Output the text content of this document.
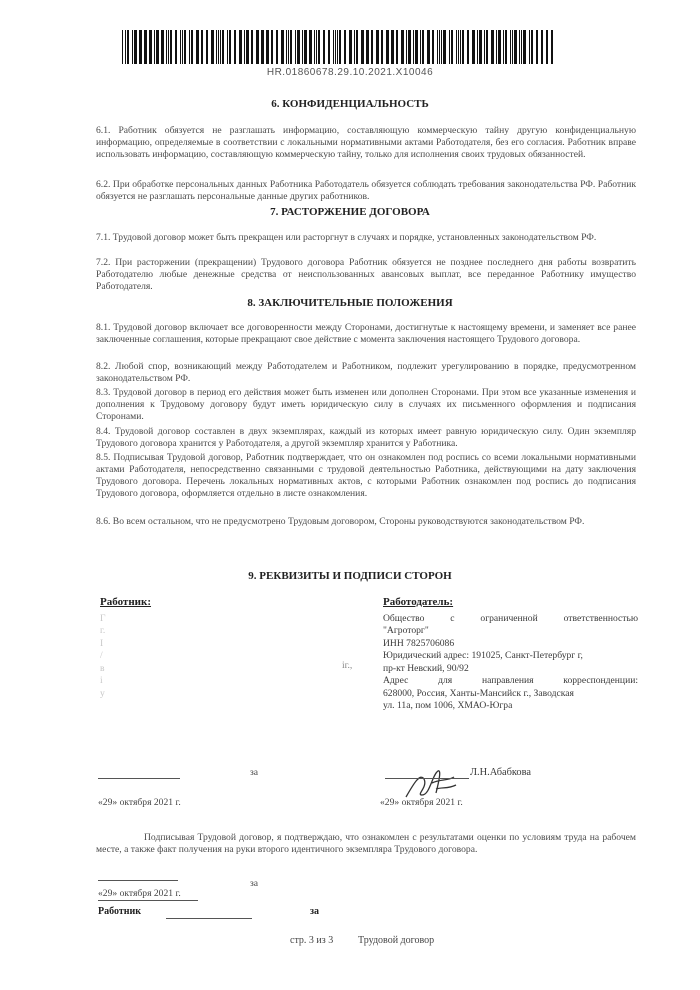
HR.01860678.29.10.2021.X10046
6. КОНФИДЕНЦИАЛЬНОСТЬ
6.1. Работник обязуется не разглашать информацию, составляющую коммерческую тайну другую конфиденциальную информацию, определяемые в соответствии с локальными нормативными актами Работодателя, без его согласия. Работник вправе использовать информацию, составляющую коммерческую тайну, только для исполнения своих трудовых обязанностей.
6.2. При обработке персональных данных Работника Работодатель обязуется соблюдать требования законодательства РФ. Работник обязуется не разглашать персональные данные других работников.
7. РАСТОРЖЕНИЕ ДОГОВОРА
7.1. Трудовой договор может быть прекращен или расторгнут в случаях и порядке, установленных законодательством РФ.
7.2. При расторжении (прекращении) Трудового договора Работник обязуется не позднее последнего дня работы возвратить Работодателю любые денежные средства от неиспользованных авансовых выплат, все переданное Работнику имущество Работодателя.
8. ЗАКЛЮЧИТЕЛЬНЫЕ ПОЛОЖЕНИЯ
8.1. Трудовой договор включает все договоренности между Сторонами, достигнутые к настоящему времени, и заменяет все ранее заключенные соглашения, которые прекращают свое действие с момента заключения настоящего Трудового договора.
8.2. Любой спор, возникающий между Работодателем и Работником, подлежит урегулированию в порядке, предусмотренном законодательством РФ.
8.3. Трудовой договор в период его действия может быть изменен или дополнен Сторонами. При этом все указанные изменения и дополнения к Трудовому договору будут иметь юридическую силу в случаях их письменного оформления и подписания Сторонами.
8.4. Трудовой договор составлен в двух экземплярах, каждый из которых имеет равную юридическую силу. Один экземпляр Трудового договора хранится у Работодателя, а другой экземпляр хранится у Работника.
8.5. Подписывая Трудовой договор, Работник подтверждает, что он ознакомлен под роспись со всеми локальными нормативными актами Работодателя, непосредственно связанными с трудовой деятельностью Работника, действующими на дату заключения Трудового договора. Перечень локальных нормативных актов, с которыми Работник ознакомлен под роспись до подписания Трудового договора, оформляется отдельно в листе ознакомления.
8.6. Во всем остальном, что не предусмотрено Трудовым договором, Стороны руководствуются законодательством РФ.
9. РЕКВИЗИТЫ И ПОДПИСИ СТОРОН
Работник:
Г
г.
І
/
в
і
у
іг.,
Работодатель:
Общество с ограниченной ответственностью
"Агроторг"
ИНН 7825706086
Юридический адрес: 191025, Санкт-Петербург г,
пр-кт Невский, 90/92
Адрес для направления корреспонденции:
628000, Россия, Ханты-Мансийск г., Заводская
ул. 11а, пом 1006, ХМАО-Югра
за	Л.Н.Абабкова
«29» октября 2021 г.	«29» октября 2021 г.
Подписывая Трудовой договор, я подтверждаю, что ознакомлен с результатами оценки по условиям труда на рабочем месте, а также факт получения на руки второго идентичного экземпляра Трудового договора.
за
«29» октября 2021 г.
Работник	за
стр. 3 из 3 Трудовой договор
